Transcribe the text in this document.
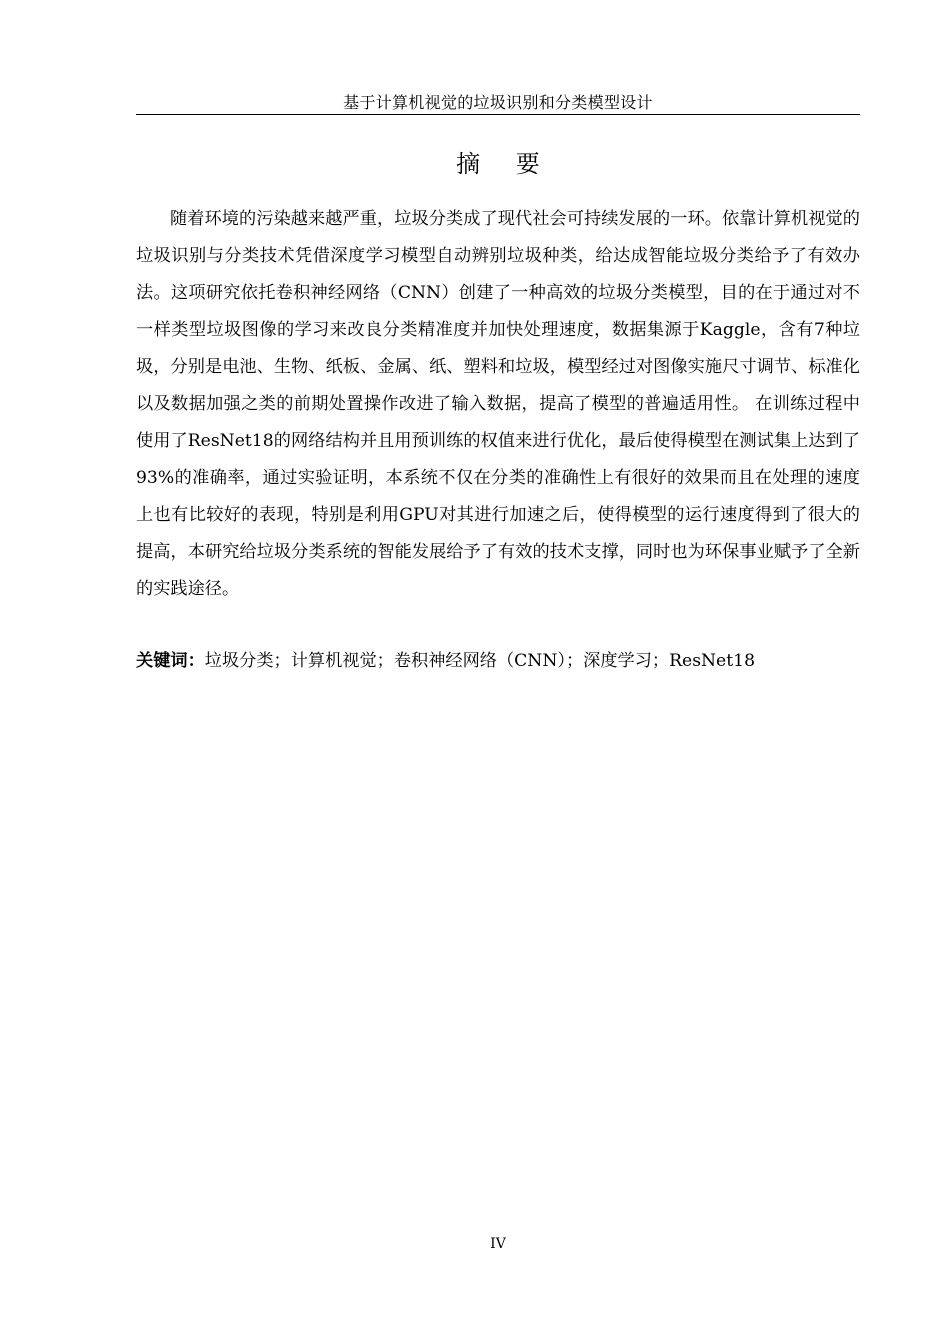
基于计算机视觉的垃圾识别和分类模型设计
摘 要

随着环境的污染越来越严重，垃圾分类成了现代社会可持续发展的一环。依靠计算机视觉的垃圾识别与分类技术凭借深度学习模型自动辨别垃圾种类，给达成智能垃圾分类给予了有效办法。这项研究依托卷积神经网络（CNN）创建了一种高效的垃圾分类模型，目的在于通过对不一样类型垃圾图像的学习来改良分类精准度并加快处理速度，数据集源于Kaggle，含有7种垃圾，分别是电池、生物、纸板、金属、纸、塑料和垃圾，模型经过对图像实施尺寸调节、标准化以及数据加强之类的前期处置操作改进了输入数据，提高了模型的普遍适用性。 在训练过程中使用了ResNet18的网络结构并且用预训练的权值来进行优化，最后使得模型在测试集上达到了93%的准确率，通过实验证明，本系统不仅在分类的准确性上有很好的效果而且在处理的速度上也有比较好的表现，特别是利用GPU对其进行加速之后，使得模型的运行速度得到了很大的提高，本研究给垃圾分类系统的智能发展给予了有效的技术支撑，同时也为环保事业赋予了全新的实践途径。

关键词：垃圾分类；计算机视觉；卷积神经网络（CNN）；深度学习；ResNet18

IV
